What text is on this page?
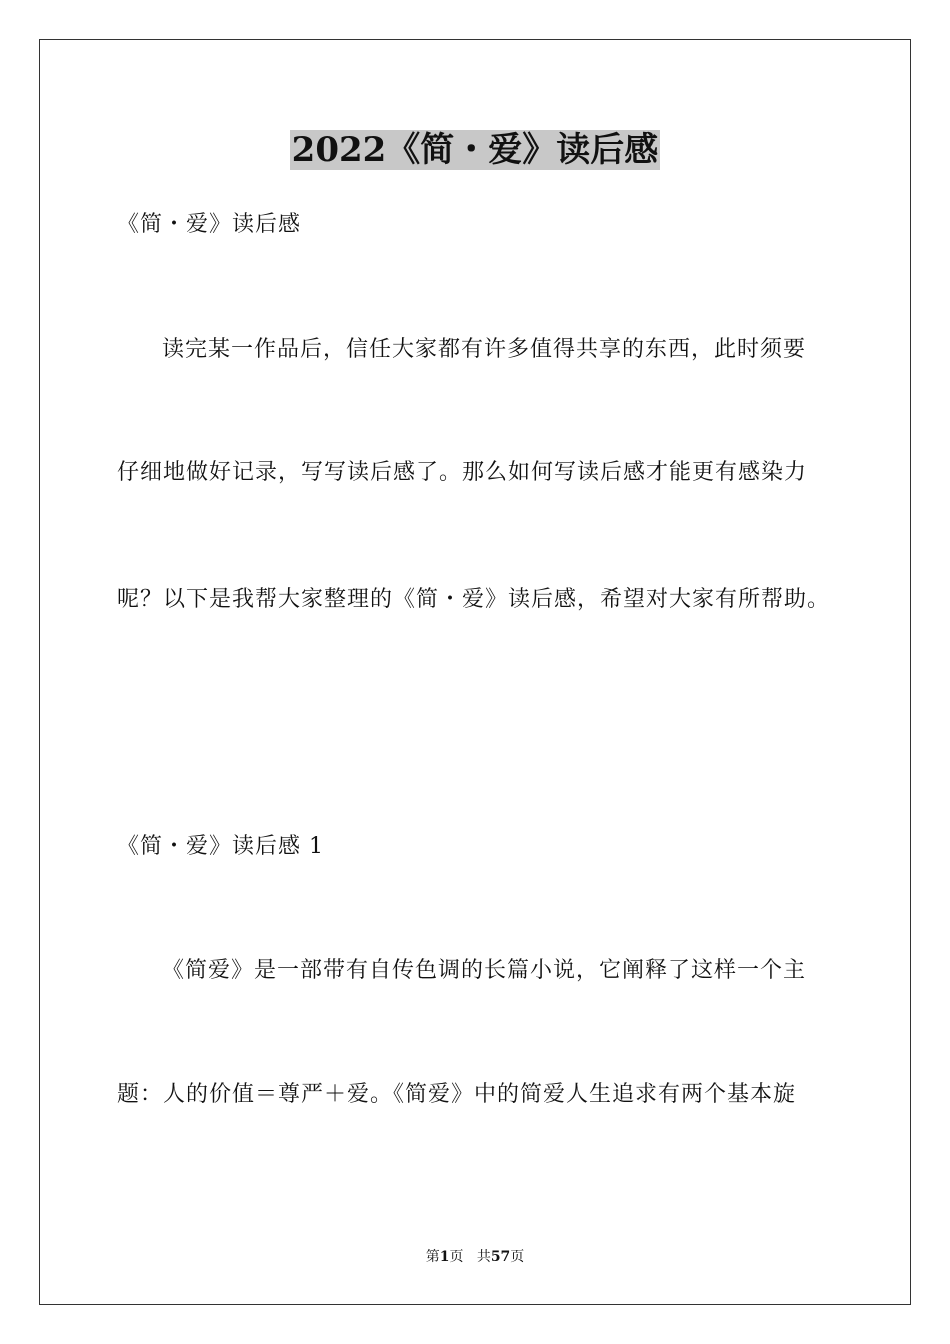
2022《简・爱》读后感

《简・爱》读后感

读完某一作品后，信任大家都有许多值得共享的东西，此时须要

仔细地做好记录，写写读后感了。那么如何写读后感才能更有感染力

呢？以下是我帮大家整理的《简・爱》读后感，希望对大家有所帮助。

《简・爱》读后感 1

《简爱》是一部带有自传色调的长篇小说，它阐释了这样一个主

题：人的价值＝尊严＋爱。《简爱》中的简爱人生追求有两个基本旋

第1页 共57页
